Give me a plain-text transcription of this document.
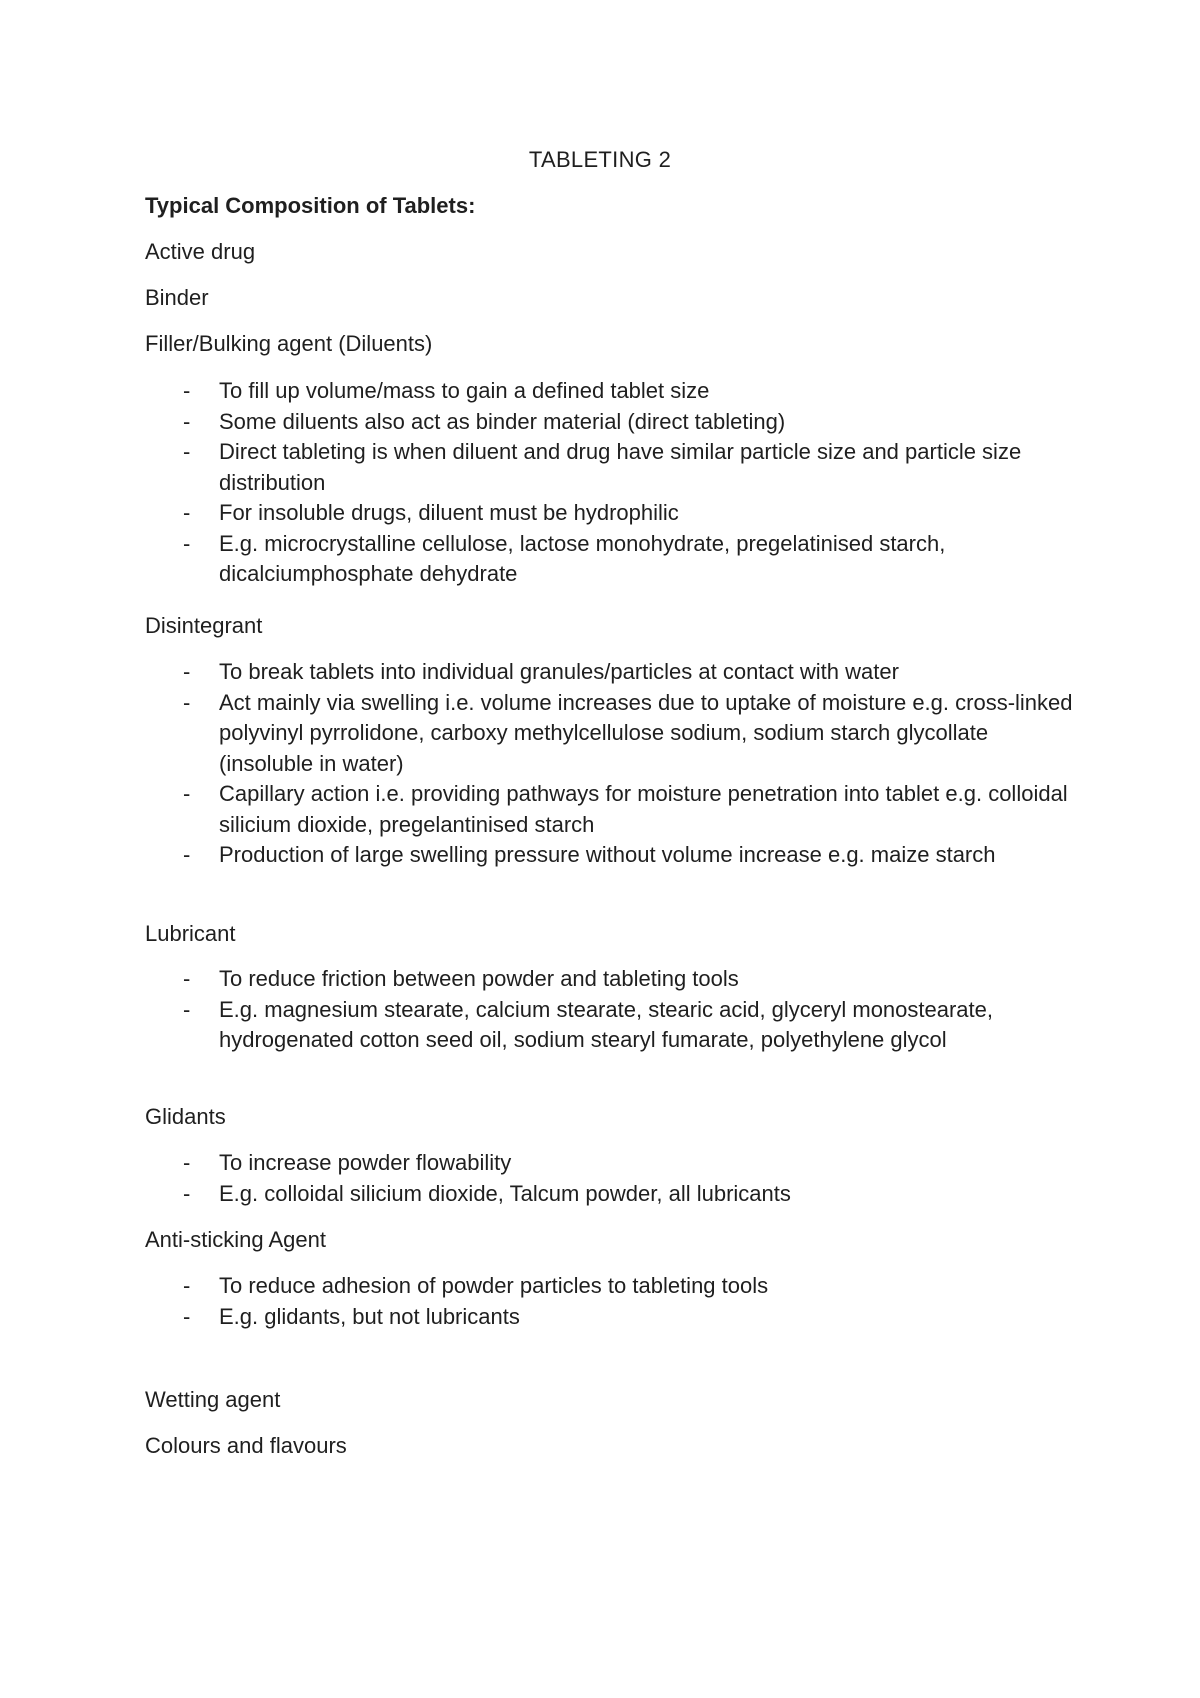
TABLETING 2
Typical Composition of Tablets:
Active drug
Binder
Filler/Bulking agent (Diluents)
- To fill up volume/mass to gain a defined tablet size
- Some diluents also act as binder material (direct tableting)
- Direct tableting is when diluent and drug have similar particle size and particle size distribution
- For insoluble drugs, diluent must be hydrophilic
- E.g. microcrystalline cellulose, lactose monohydrate, pregelatinised starch, dicalciumphosphate dehydrate
Disintegrant
- To break tablets into individual granules/particles at contact with water
- Act mainly via swelling i.e. volume increases due to uptake of moisture e.g. cross-linked polyvinyl pyrrolidone, carboxy methylcellulose sodium, sodium starch glycollate (insoluble in water)
- Capillary action i.e. providing pathways for moisture penetration into tablet e.g. colloidal silicium dioxide, pregelantinised starch
- Production of large swelling pressure without volume increase e.g. maize starch
Lubricant
- To reduce friction between powder and tableting tools
- E.g. magnesium stearate, calcium stearate, stearic acid, glyceryl monostearate, hydrogenated cotton seed oil, sodium stearyl fumarate, polyethylene glycol
Glidants
- To increase powder flowability
- E.g. colloidal silicium dioxide, Talcum powder, all lubricants
Anti-sticking Agent
- To reduce adhesion of powder particles to tableting tools
- E.g. glidants, but not lubricants
Wetting agent
Colours and flavours
